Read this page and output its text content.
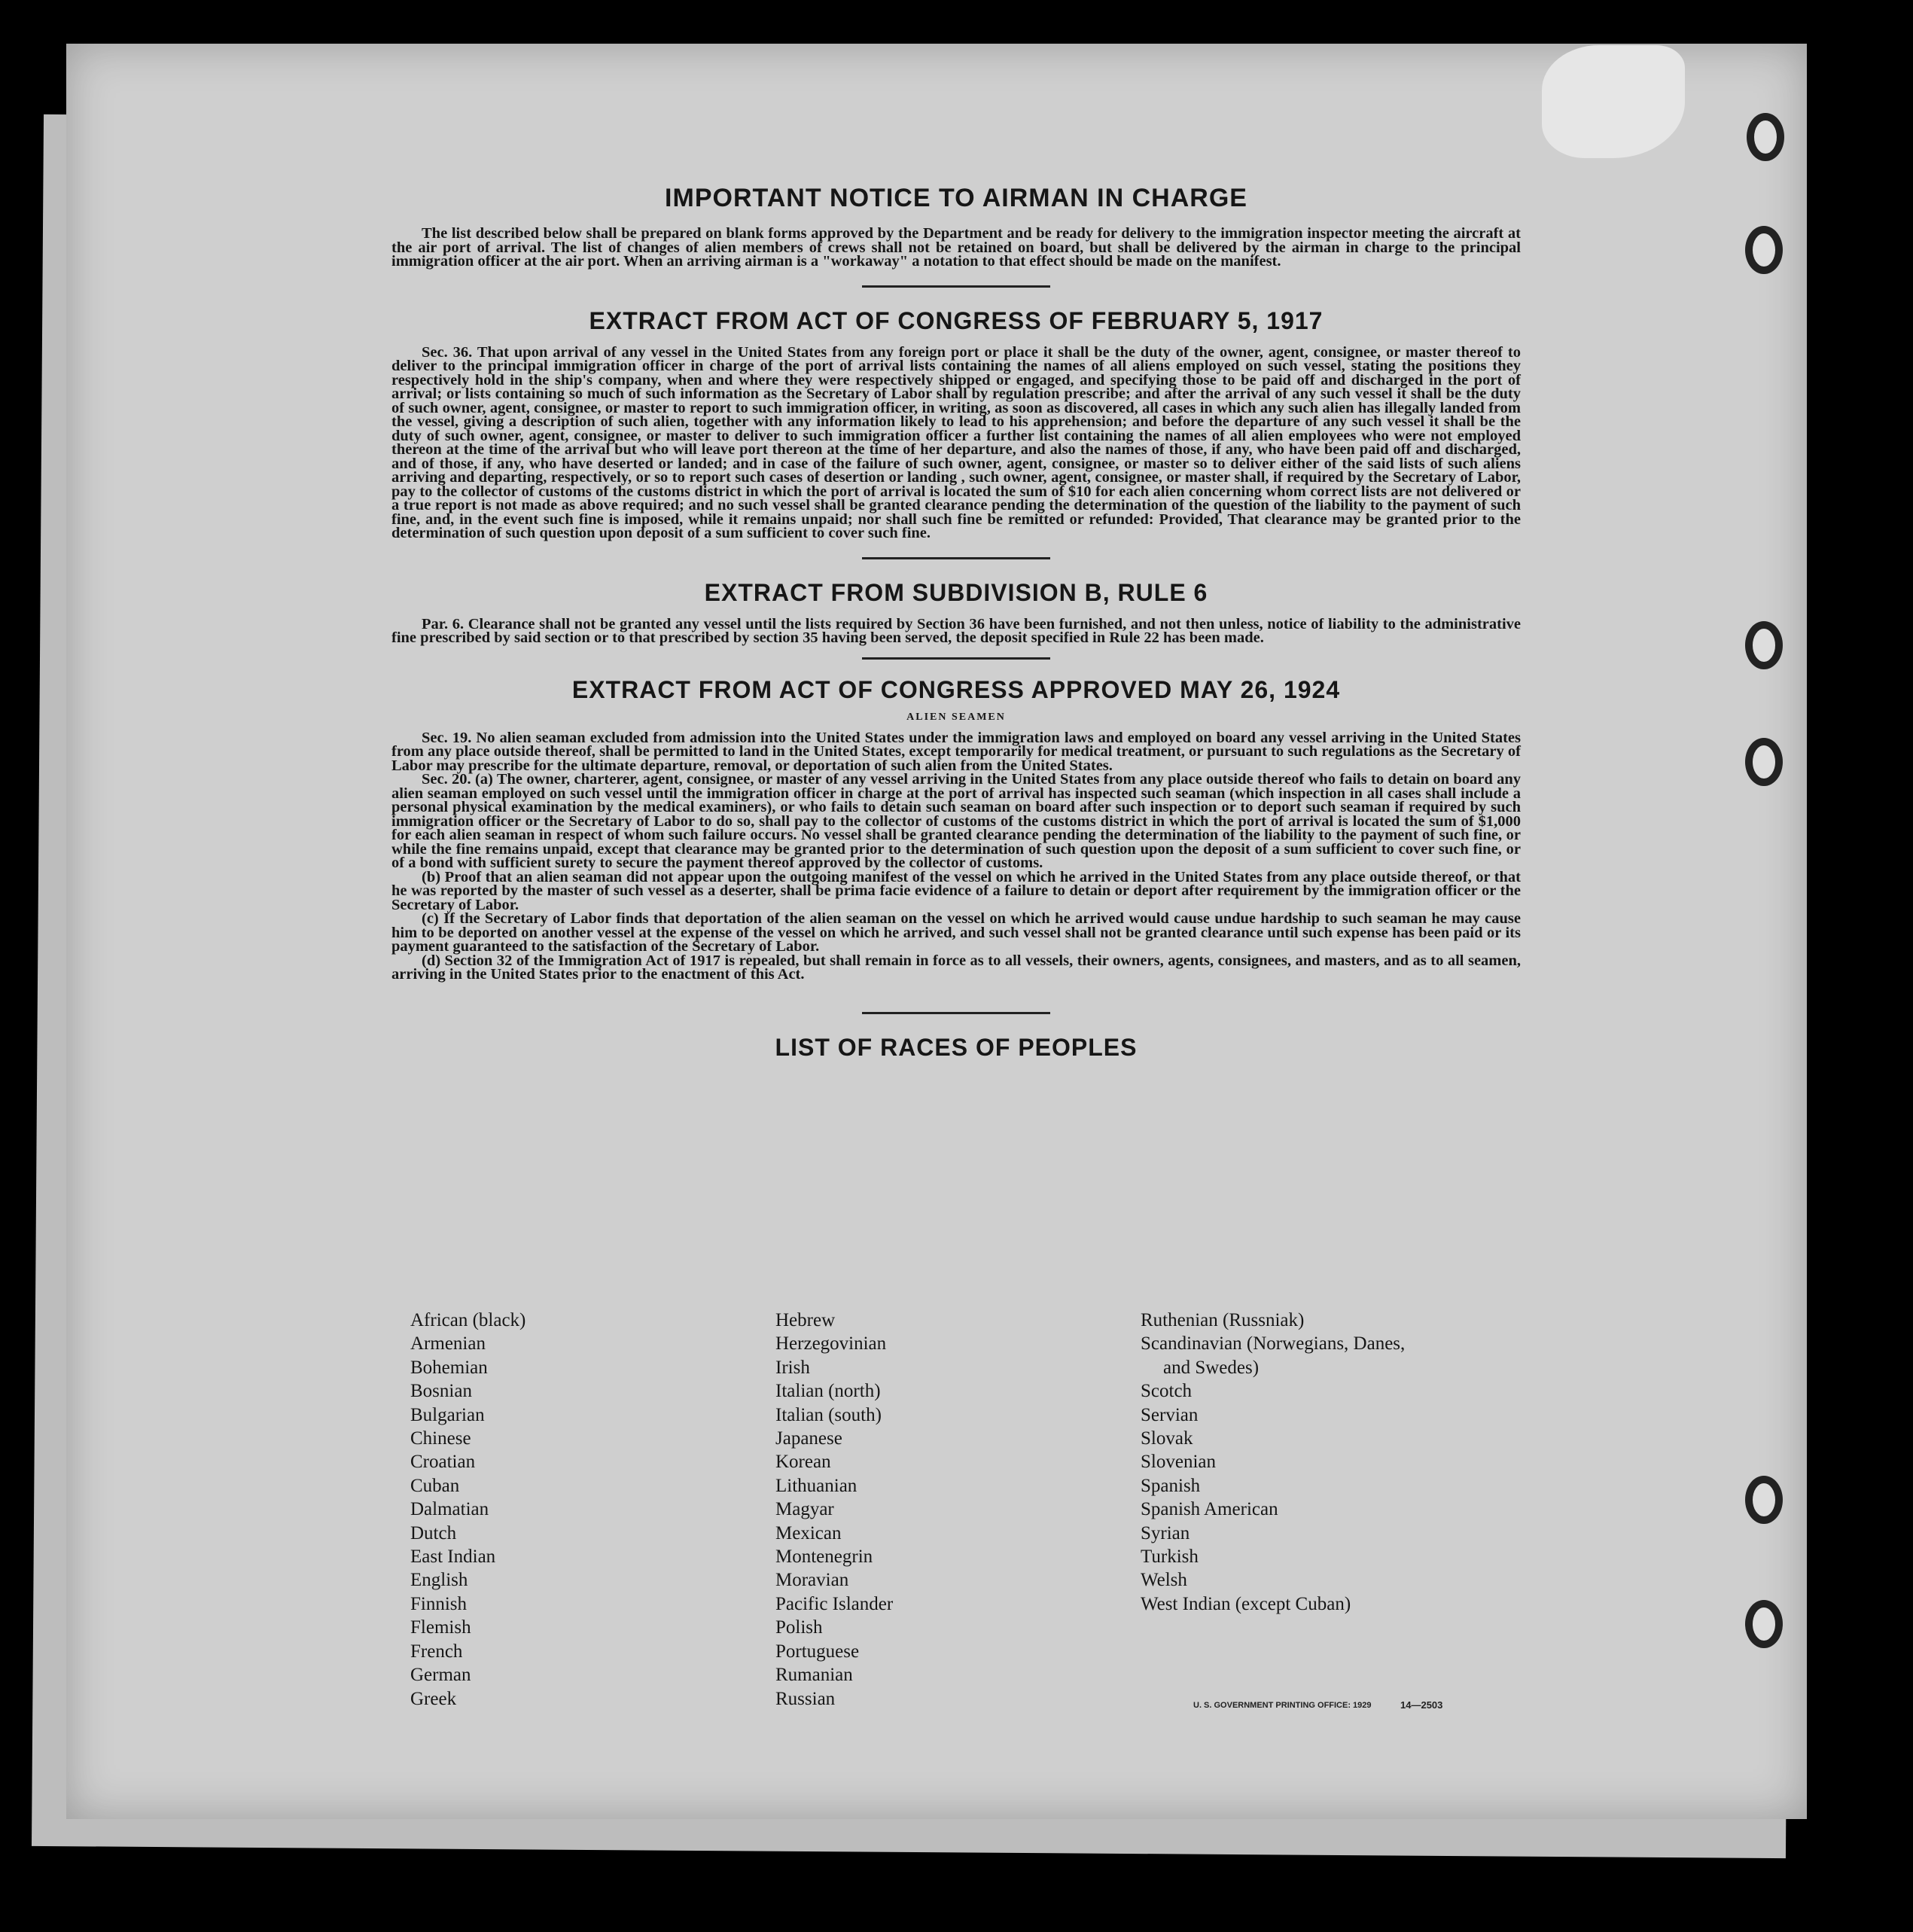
IMPORTANT NOTICE TO AIRMAN IN CHARGE

The list described below shall be prepared on blank forms approved by the Department and be ready for delivery to the immigration inspector meeting the aircraft at the air port of arrival. The list of changes of alien members of crews shall not be retained on board, but shall be delivered by the airman in charge to the principal immigration officer at the air port. When an arriving airman is a "workaway" a notation to that effect should be made on the manifest.

EXTRACT FROM ACT OF CONGRESS OF FEBRUARY 5, 1917

Sec. 36. That upon arrival of any vessel in the United States from any foreign port or place it shall be the duty of the owner, agent, consignee, or master thereof to deliver to the principal immigration officer in charge of the port of arrival lists containing the names of all aliens employed on such vessel, stating the positions they respectively hold in the ship's company, when and where they were respectively shipped or engaged, and specifying those to be paid off and discharged in the port of arrival; or lists containing so much of such information as the Secretary of Labor shall by regulation prescribe; and after the arrival of any such vessel it shall be the duty of such owner, agent, consignee, or master to report to such immigration officer, in writing, as soon as discovered, all cases in which any such alien has illegally landed from the vessel, giving a description of such alien, together with any information likely to lead to his apprehension; and before the departure of any such vessel it shall be the duty of such owner, agent, consignee, or master to deliver to such immigration officer a further list containing the names of all alien employees who were not employed thereon at the time of the arrival but who will leave port thereon at the time of her departure, and also the names of those, if any, who have been paid off and discharged, and of those, if any, who have deserted or landed; and in case of the failure of such owner, agent, consignee, or master so to deliver either of the said lists of such aliens arriving and departing, respectively, or so to report such cases of desertion or landing , such owner, agent, consignee, or master shall, if required by the Secretary of Labor, pay to the collector of customs of the customs district in which the port of arrival is located the sum of $10 for each alien concerning whom correct lists are not delivered or a true report is not made as above required; and no such vessel shall be granted clearance pending the determination of the question of the liability to the payment of such fine, and, in the event such fine is imposed, while it remains unpaid; nor shall such fine be remitted or refunded: Provided, That clearance may be granted prior to the determination of such question upon deposit of a sum sufficient to cover such fine.

EXTRACT FROM SUBDIVISION B, RULE 6

Par. 6. Clearance shall not be granted any vessel until the lists required by Section 36 have been furnished, and not then unless, notice of liability to the administrative fine prescribed by said section or to that prescribed by section 35 having been served, the deposit specified in Rule 22 has been made.

EXTRACT FROM ACT OF CONGRESS APPROVED MAY 26, 1924

ALIEN SEAMEN

Sec. 19. No alien seaman excluded from admission into the United States under the immigration laws and employed on board any vessel arriving in the United States from any place outside thereof, shall be permitted to land in the United States, except temporarily for medical treatment, or pursuant to such regulations as the Secretary of Labor may prescribe for the ultimate departure, removal, or deportation of such alien from the United States.

Sec. 20. (a) The owner, charterer, agent, consignee, or master of any vessel arriving in the United States from any place outside thereof who fails to detain on board any alien seaman employed on such vessel until the immigration officer in charge at the port of arrival has inspected such seaman (which inspection in all cases shall include a personal physical examination by the medical examiners), or who fails to detain such seaman on board after such inspection or to deport such seaman if required by such immigration officer or the Secretary of Labor to do so, shall pay to the collector of customs of the customs district in which the port of arrival is located the sum of $1,000 for each alien seaman in respect of whom such failure occurs. No vessel shall be granted clearance pending the determination of the liability to the payment of such fine, or while the fine remains unpaid, except that clearance may be granted prior to the determination of such question upon the deposit of a sum sufficient to cover such fine, or of a bond with sufficient surety to secure the payment thereof approved by the collector of customs.

(b) Proof that an alien seaman did not appear upon the outgoing manifest of the vessel on which he arrived in the United States from any place outside thereof, or that he was reported by the master of such vessel as a deserter, shall be prima facie evidence of a failure to detain or deport after requirement by the immigration officer or the Secretary of Labor.

(c) If the Secretary of Labor finds that deportation of the alien seaman on the vessel on which he arrived would cause undue hardship to such seaman he may cause him to be deported on another vessel at the expense of the vessel on which he arrived, and such vessel shall not be granted clearance until such expense has been paid or its payment guaranteed to the satisfaction of the Secretary of Labor.

(d) Section 32 of the Immigration Act of 1917 is repealed, but shall remain in force as to all vessels, their owners, agents, consignees, and masters, and as to all seamen, arriving in the United States prior to the enactment of this Act.

LIST OF RACES OF PEOPLES

African (black)
Armenian
Bohemian
Bosnian
Bulgarian
Chinese
Croatian
Cuban
Dalmatian
Dutch
East Indian
English
Finnish
Flemish
French
German
Greek
Hebrew
Herzegovinian
Irish
Italian (north)
Italian (south)
Japanese
Korean
Lithuanian
Magyar
Mexican
Montenegrin
Moravian
Pacific Islander
Polish
Portuguese
Rumanian
Russian
Ruthenian (Russniak)
Scandinavian (Norwegians, Danes,
and Swedes)
Scotch
Servian
Slovak
Slovenian
Spanish
Spanish American
Syrian
Turkish
Welsh
West Indian (except Cuban)
U. S. GOVERNMENT PRINTING OFFICE: 1929	14—2503
